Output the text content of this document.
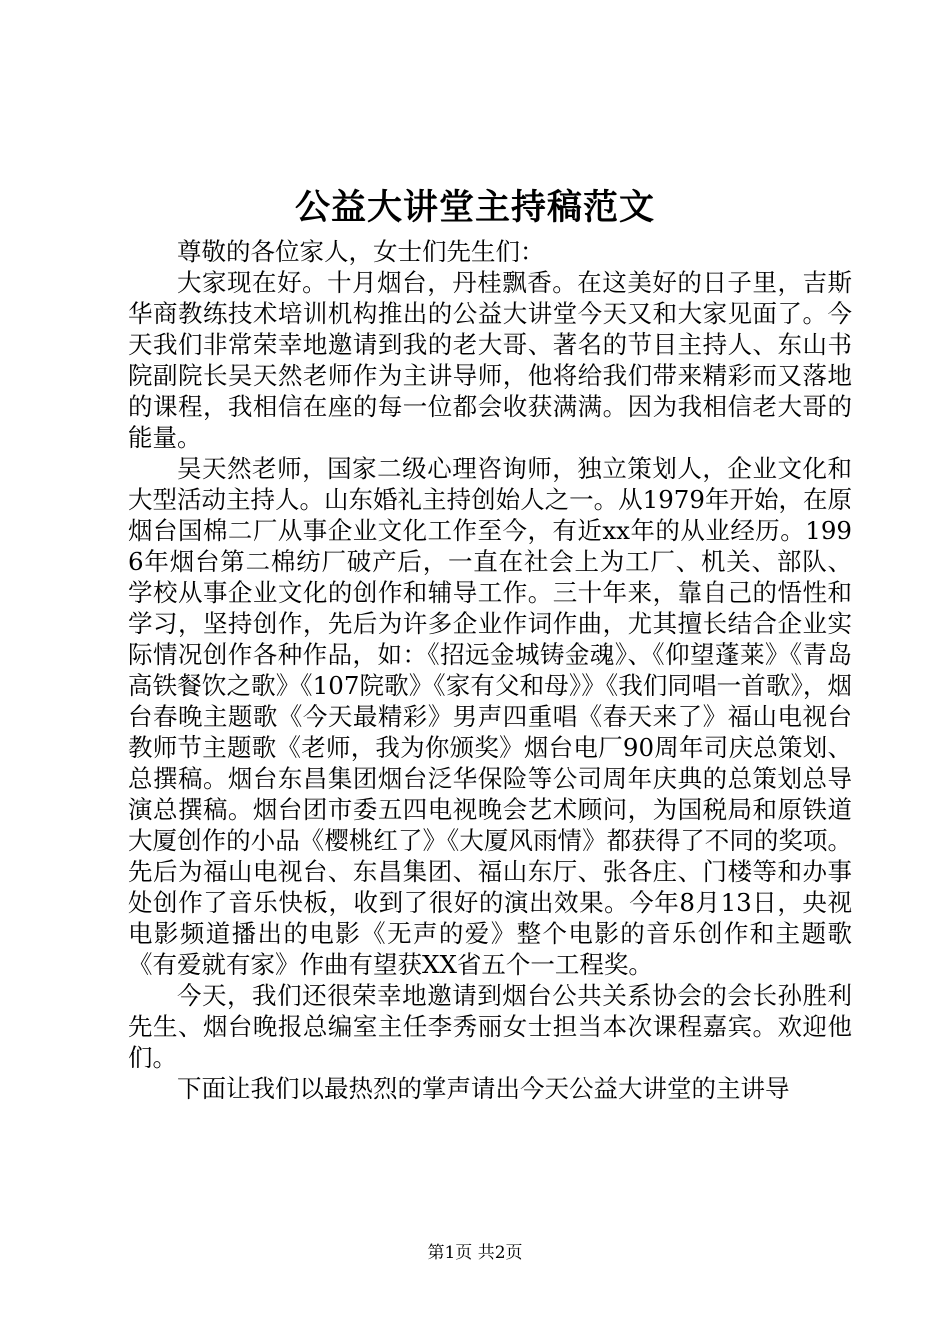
公益大讲堂主持稿范文

尊敬的各位家人，女士们先生们：

大家现在好。十月烟台，丹桂飘香。在这美好的日子里，吉斯华商教练技术培训机构推出的公益大讲堂今天又和大家见面了。今天我们非常荣幸地邀请到我的老大哥、著名的节目主持人、东山书院副院长吴天然老师作为主讲导师，他将给我们带来精彩而又落地的课程，我相信在座的每一位都会收获满满。因为我相信老大哥的能量。

吴天然老师，国家二级心理咨询师，独立策划人，企业文化和大型活动主持人。山东婚礼主持创始人之一。从1979年开始，在原烟台国棉二厂从事企业文化工作至今，有近xx年的从业经历。1996年烟台第二棉纺厂破产后，一直在社会上为工厂、机关、部队、学校从事企业文化的创作和辅导工作。三十年来，靠自己的悟性和学习，坚持创作，先后为许多企业作词作曲，尤其擅长结合企业实际情况创作各种作品，如：《招远金城铸金魂》、《仰望蓬莱》《青岛高铁餐饮之歌》《107院歌》《家有父和母》》《我们同唱一首歌》，烟台春晚主题歌《今天最精彩》男声四重唱《春天来了》福山电视台教师节主题歌《老师，我为你颁奖》烟台电厂90周年司庆总策划、总撰稿。烟台东昌集团烟台泛华保险等公司周年庆典的总策划总导演总撰稿。烟台团市委五四电视晚会艺术顾问，为国税局和原铁道大厦创作的小品《樱桃红了》《大厦风雨情》都获得了不同的奖项。先后为福山电视台、东昌集团、福山东厅、张各庄、门楼等和办事处创作了音乐快板，收到了很好的演出效果。今年8月13日，央视电影频道播出的电影《无声的爱》整个电影的音乐创作和主题歌《有爱就有家》作曲有望获XX省五个一工程奖。

今天，我们还很荣幸地邀请到烟台公共关系协会的会长孙胜利先生、烟台晚报总编室主任李秀丽女士担当本次课程嘉宾。欢迎他们。

下面让我们以最热烈的掌声请出今天公益大讲堂的主讲导

第1页 共2页
